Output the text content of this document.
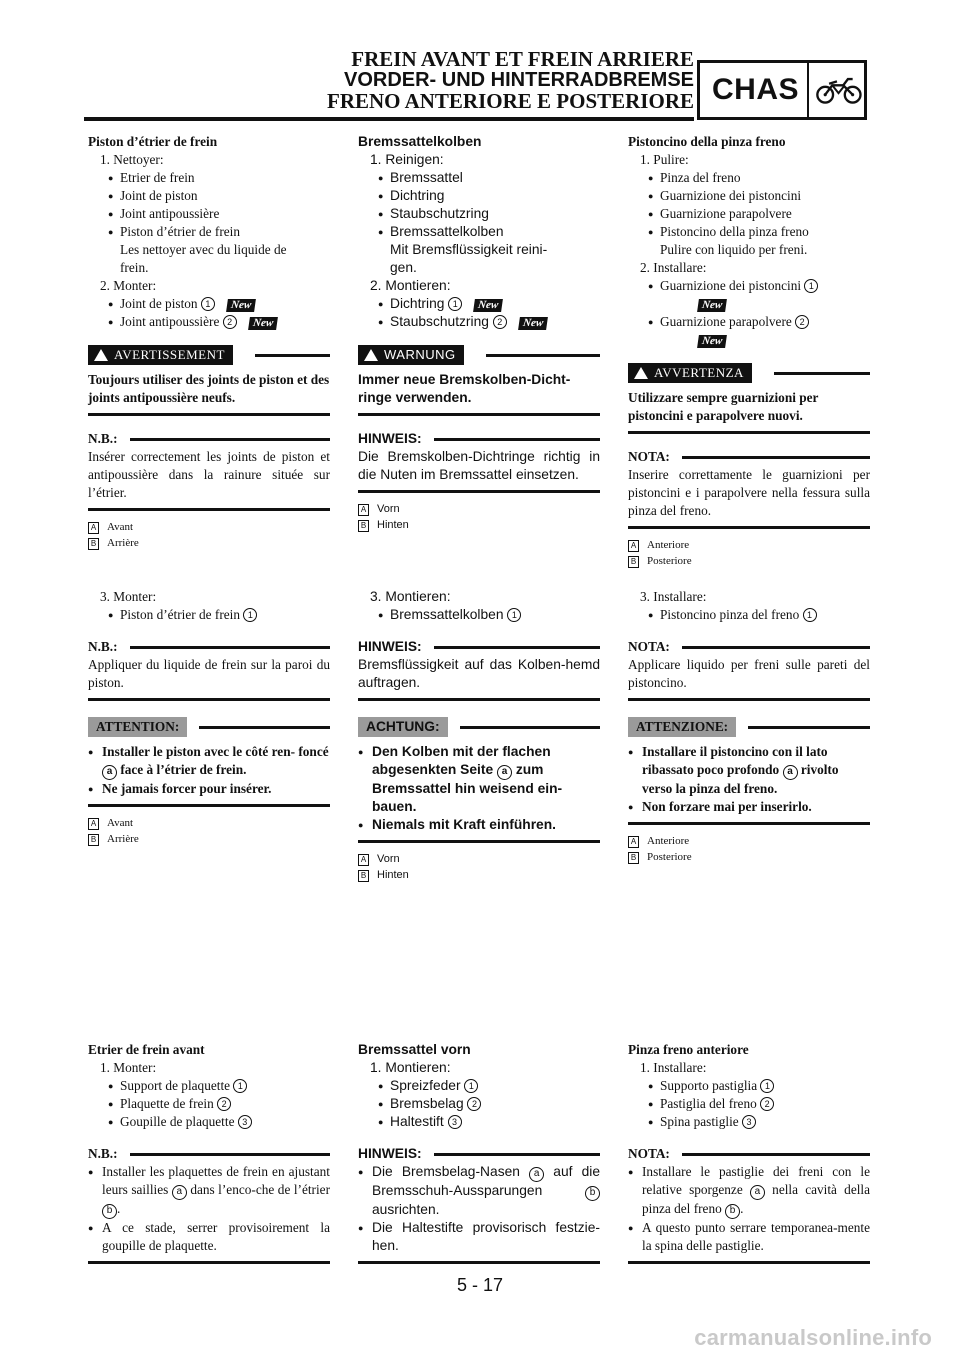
FREIN AVANT ET FREIN ARRIERE
VORDER- UND HINTERRADBREMSE
FRENO ANTERIORE E POSTERIORE CHAS
Piston d’étrier de frein
1. Nettoyer:
● Etrier de frein
● Joint de piston
● Joint antipoussière
● Piston d’étrier de frein
Les nettoyer avec du liquide de
frein.
2. Monter:
● Joint de piston 1 New
● Joint antipoussière 2 New
AVERTISSEMENT
Toujours utiliser des joints de piston et des joints antipoussière neufs.
N.B.:
Insérer correctement les joints de piston et antipoussière dans la rainure située sur l’étrier.
A Avant
B Arrière
Bremssattelkolben
1. Reinigen:
● Bremssattel
● Dichtring
● Staubschutzring
● Bremssattelkolben
Mit Bremsflüssigkeit reini-
gen.
2. Montieren:
● Dichtring 1 New
● Staubschutzring 2 New
WARNUNG
Immer neue Bremskolben-Dicht-ringe verwenden.
HINWEIS:
Die Bremskolben-Dichtringe richtig in die Nuten im Bremssattel einsetzen.
A Vorn
B Hinten
Pistoncino della pinza freno
1. Pulire:
● Pinza del freno
● Guarnizione dei pistoncini
● Guarnizione parapolvere
● Pistoncino della pinza freno
Pulire con liquido per freni.
2. Installare:
● Guarnizione dei pistoncini 1
New
● Guarnizione parapolvere 2
New
AVVERTENZA
Utilizzare sempre guarnizioni per pistoncini e parapolvere nuovi.
NOTA:
Inserire correttamente le guarnizioni per pistoncini e i parapolvere nella fessura sulla pinza del freno.
A Anteriore
B Posteriore
3. Monter:
● Piston d’étrier de frein 1
N.B.:
Appliquer du liquide de frein sur la paroi du piston.
ATTENTION:
● Installer le piston avec le côté ren- foncé a face à l’étrier de frein.
● Ne jamais forcer pour insérer.
A Avant
B Arrière
3. Montieren:
● Bremssattelkolben 1
HINWEIS:
Bremsflüssigkeit auf das Kolben-hemd auftragen.
ACHTUNG:
● Den Kolben mit der flachen abgesenkten Seite a zum Bremssattel hin weisend ein-bauen.
● Niemals mit Kraft einführen.
A Vorn
B Hinten
3. Installare:
● Pistoncino pinza del freno 1
NOTA:
Applicare liquido per freni sulle pareti del pistoncino.
ATTENZIONE:
● Installare il pistoncino con il lato ribassato poco profondo a rivolto verso la pinza del freno.
● Non forzare mai per inserirlo.
A Anteriore
B Posteriore
Etrier de frein avant
1. Monter:
● Support de plaquette 1
● Plaquette de frein 2
● Goupille de plaquette 3
N.B.:
● Installer les plaquettes de frein en ajustant leurs saillies a dans l’enco-che de l’étrier b .
● A ce stade, serrer provisoirement la goupille de plaquette.
Bremssattel vorn
1. Montieren:
● Spreizfeder 1
● Bremsbelag 2
● Haltestift 3
HINWEIS:
● Die Bremsbelag-Nasen a auf die Bremsschuh-Aussparungen	b ausrichten.
● Die Haltestifte provisorisch festzie-hen.
Pinza freno anteriore
1. Installare:
● Supporto pastiglia 1
● Pastiglia del freno 2
● Spina pastiglie 3
NOTA:
● Installare le pastiglie dei freni con le relative sporgenze a nella cavità della pinza del freno b .
● A questo punto serrare temporanea-mente la spina delle pastiglie.
5 - 17
carmanualsonline.info
